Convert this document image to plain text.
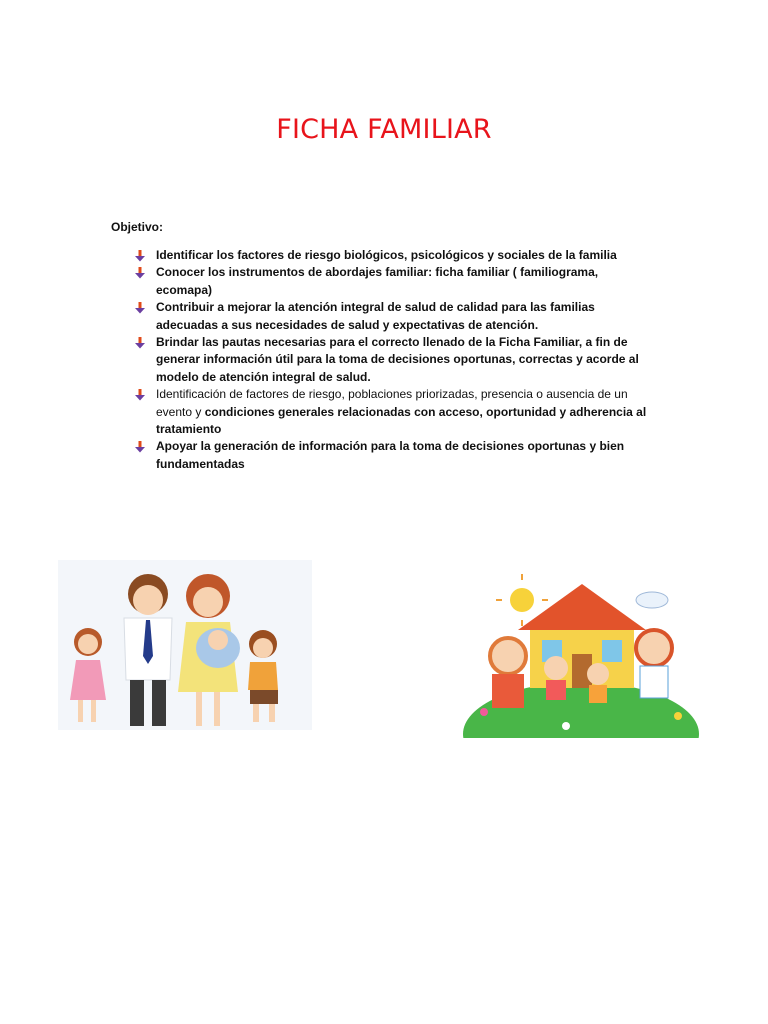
FICHA FAMILIAR
Objetivo:
Identificar los factores de riesgo biológicos, psicológicos y sociales de la familia
Conocer los instrumentos de abordajes familiar: ficha familiar ( familiograma, ecomapa)
Contribuir a mejorar la atención integral de salud de calidad para las familias adecuadas a sus necesidades de salud y expectativas de atención.
Brindar las pautas necesarias para el correcto llenado de la Ficha Familiar, a fin de generar información útil para la toma de decisiones oportunas, correctas y acorde al modelo de atención integral de salud.
Identificación de factores de riesgo, poblaciones priorizadas, presencia o ausencia de un evento y condiciones generales relacionadas con acceso, oportunidad y adherencia al tratamiento
Apoyar la generación de información para la toma de decisiones oportunas y bien fundamentadas
